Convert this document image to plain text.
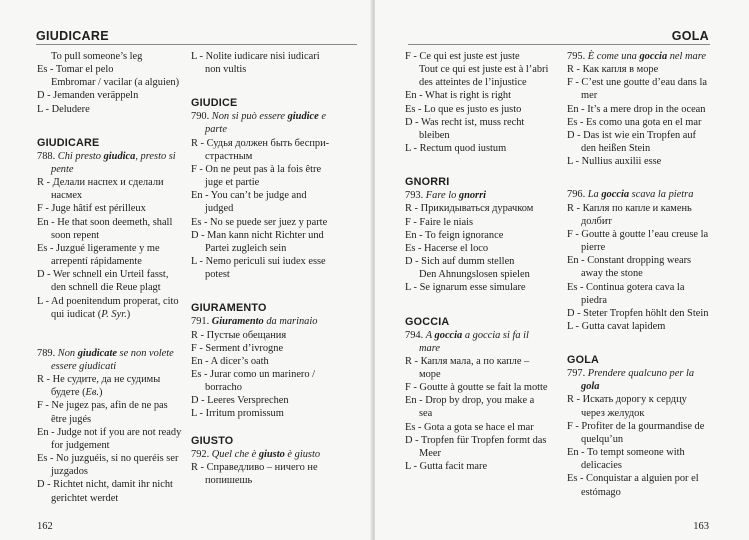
GIUDICARE
To pull someone’s leg
Es - Tomar el pelo
Embromar / vacilar (a alguien)
D - Jemanden veräppeln
L - Deludere
GIUDICARE
788. Chi presto giudica, presto si
pente
R - Делали наспех и сделали
насмех
F - Juge hâtif est périlleux
En - He that soon deemeth, shall
soon repent
Es - Juzgué ligeramente y me
arrepentí rápidamente
D - Wer schnell ein Urteil fasst,
den schnell die Reue plagt
L - Ad poenitendum properat, cito
qui iudicat (P. Syr.)
789. Non giudicate se non volete
essere giudicati
R - Не судите, да не судимы
будете (Ев.)
F - Ne jugez pas, afin de ne pas
être jugés
En - Judge not if you are not ready
for judgement
Es - No juzguéis, si no queréis ser
juzgados
D - Richtet nicht, damit ihr nicht
gerichtet werdet
L - Nolite iudicare nisi iudicari
non vultis
GIUDICE
790. Non si può essere giudice e
parte
R - Судья должен быть беспри-
страстным
F - On ne peut pas à la fois être
juge et partie
En - You can’t be judge and
judged
Es - No se puede ser juez y parte
D - Man kann nicht Richter und
Partei zugleich sein
L - Nemo periculi sui iudex esse
potest
GIURAMENTO
791. Giuramento da marinaio
R - Пустые обещания
F - Serment d’ivrogne
En - A dicer’s oath
Es - Jurar como un marinero /
borracho
D - Leeres Versprechen
L - Irritum promissum
GIUSTO
792. Quel che è giusto è giusto
R - Справедливо – ничего не
попишешь
162
GOLA
F - Ce qui est juste est juste
Tout ce qui est juste est à l’abri
des atteintes de l’injustice
En - What is right is right
Es - Lo que es justo es justo
D - Was recht ist, muss recht
bleiben
L - Rectum quod iustum
GNORRI
793. Fare lo gnorri
R - Прикидываться дурачком
F - Faire le niais
En - To feign ignorance
Es - Hacerse el loco
D - Sich auf dumm stellen
Den Ahnungslosen spielen
L - Se ignarum esse simulare
GOCCIA
794. A goccia a goccia si fa il
mare
R - Капля мала, а по капле –
море
F - Goutte à goutte se fait la motte
En - Drop by drop, you make a
sea
Es - Gota a gota se hace el mar
D - Tropfen für Tropfen formt das
Meer
L - Gutta facit mare
795. È come una goccia nel mare
R - Как капля в море
F - C’est une goutte d’eau dans la
mer
En - It’s a mere drop in the ocean
Es - Es como una gota en el mar
D - Das ist wie ein Tropfen auf
den heißen Stein
L - Nullius auxilii esse
796. La goccia scava la pietra
R - Капля по капле и камень
долбит
F - Goutte à goutte l’eau creuse la
pierre
En - Constant dropping wears
away the stone
Es - Continua gotera cava la
piedra
D - Steter Tropfen höhlt den Stein
L - Gutta cavat lapidem
GOLA
797. Prendere qualcuno per la
gola
R - Искать дорогу к сердцу
через желудок
F - Profiter de la gourmandise de
quelqu’un
En - To tempt someone with
delicacies
Es - Conquistar a alguien por el
estómago
163
